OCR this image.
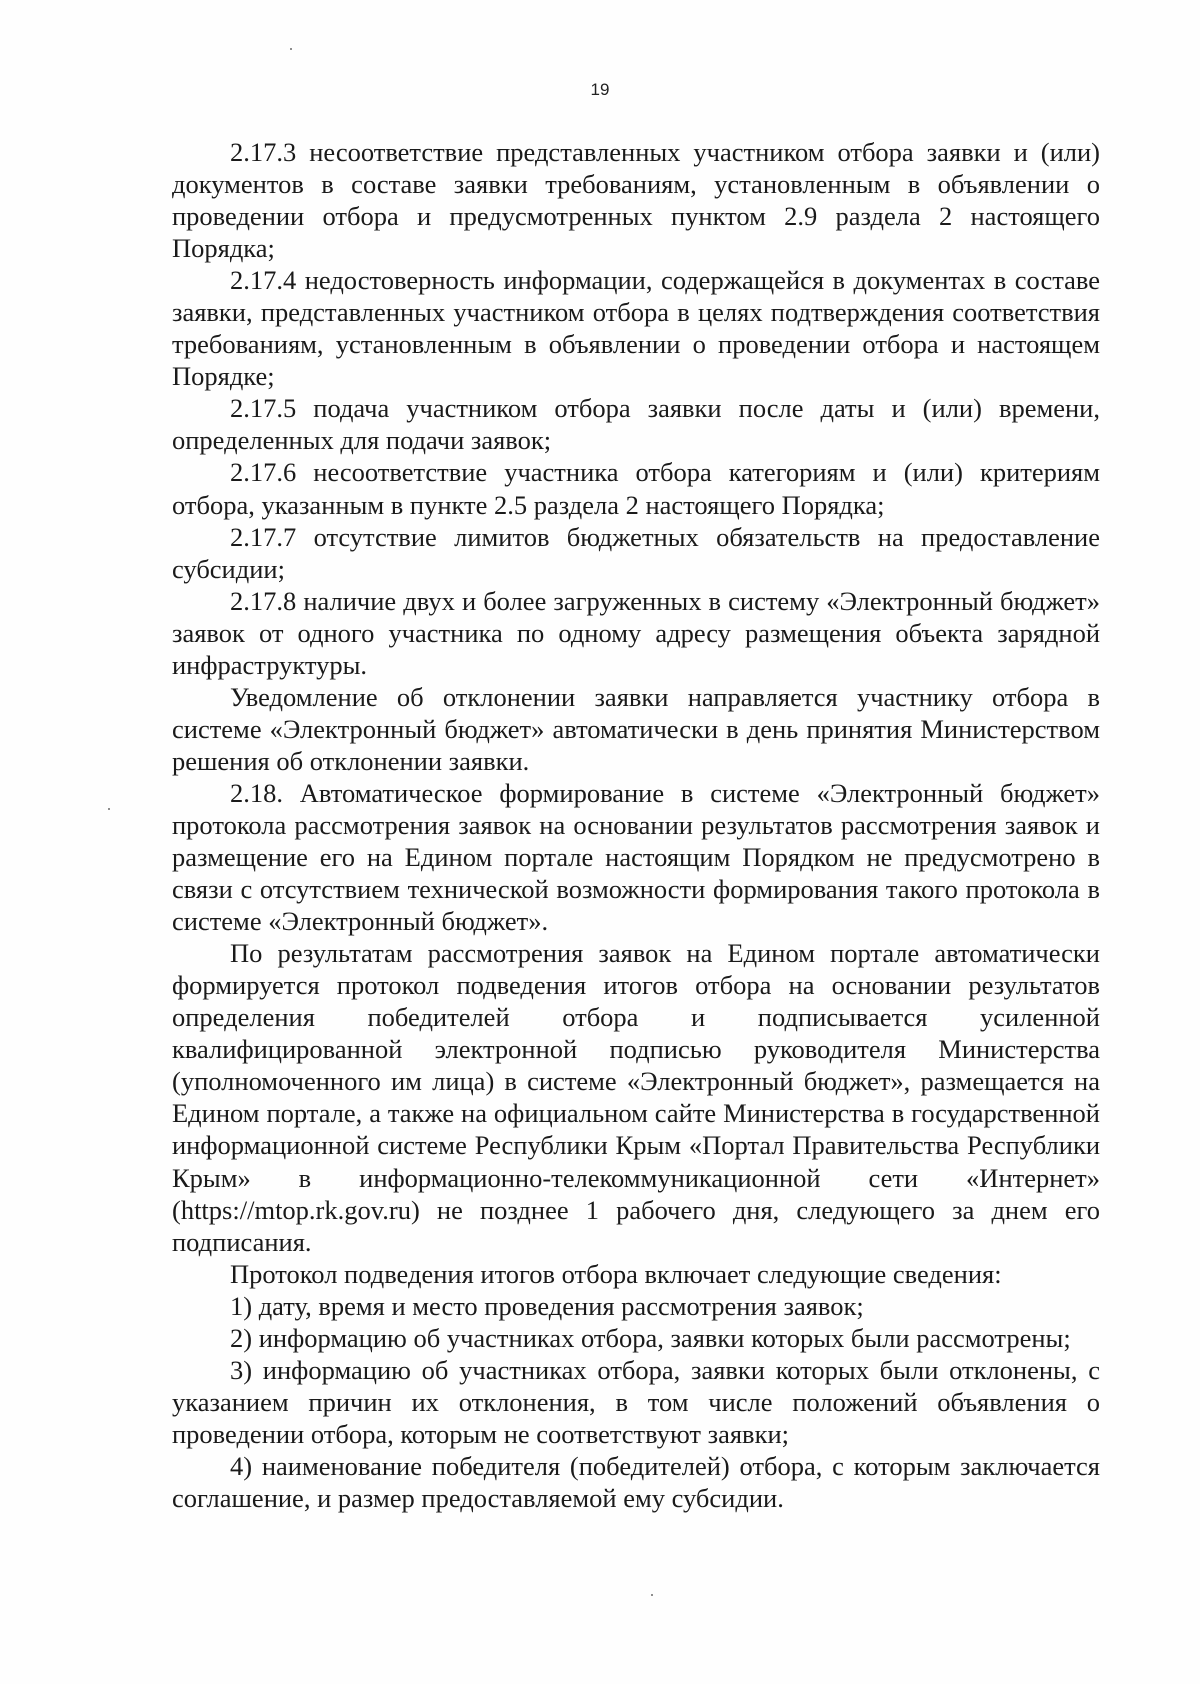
19

2.17.3 несоответствие представленных участником отбора заявки и (или) документов в составе заявки требованиям, установленным в объявлении о проведении отбора и предусмотренных пунктом 2.9 раздела 2 настоящего Порядка;

2.17.4 недостоверность информации, содержащейся в документах в составе заявки, представленных участником отбора в целях подтверждения соответствия требованиям, установленным в объявлении о проведении отбора и настоящем Порядке;

2.17.5 подача участником отбора заявки после даты и (или) времени, определенных для подачи заявок;

2.17.6 несоответствие участника отбора категориям и (или) критериям отбора, указанным в пункте 2.5 раздела 2 настоящего Порядка;

2.17.7 отсутствие лимитов бюджетных обязательств на предоставление субсидии;

2.17.8 наличие двух и более загруженных в систему «Электронный бюджет» заявок от одного участника по одному адресу размещения объекта зарядной инфраструктуры.

Уведомление об отклонении заявки направляется участнику отбора в системе «Электронный бюджет» автоматически в день принятия Министерством решения об отклонении заявки.

2.18. Автоматическое формирование в системе «Электронный бюджет» протокола рассмотрения заявок на основании результатов рассмотрения заявок и размещение его на Едином портале настоящим Порядком не предусмотрено в связи с отсутствием технической возможности формирования такого протокола в системе «Электронный бюджет».

По результатам рассмотрения заявок на Едином портале автоматически формируется протокол подведения итогов отбора на основании результатов определения победителей отбора и подписывается усиленной квалифицированной электронной подписью руководителя Министерства (уполномоченного им лица) в системе «Электронный бюджет», размещается на Едином портале, а также на официальном сайте Министерства в государственной информационной системе Республики Крым «Портал Правительства Республики Крым» в информационно-телекоммуникационной сети «Интернет» (https://mtop.rk.gov.ru) не позднее 1 рабочего дня, следующего за днем его подписания.

Протокол подведения итогов отбора включает следующие сведения:

1) дату, время и место проведения рассмотрения заявок;

2) информацию об участниках отбора, заявки которых были рассмотрены;

3) информацию об участниках отбора, заявки которых были отклонены, с указанием причин их отклонения, в том числе положений объявления о проведении отбора, которым не соответствуют заявки;

4) наименование победителя (победителей) отбора, с которым заключается соглашение, и размер предоставляемой ему субсидии.
